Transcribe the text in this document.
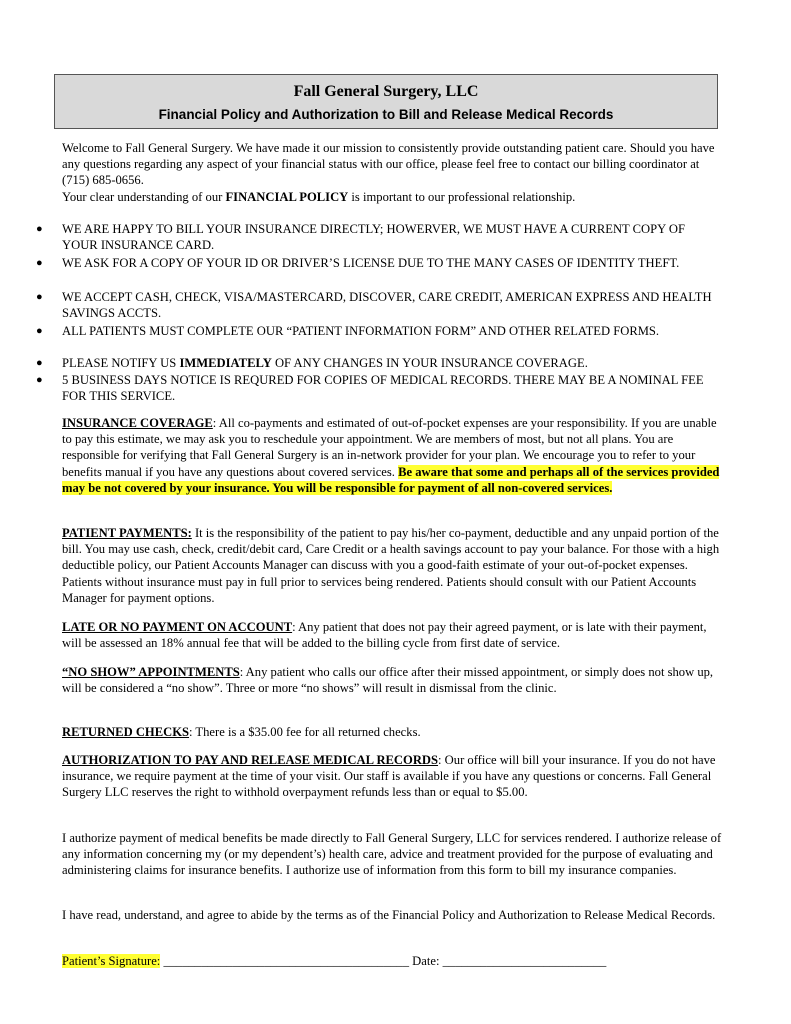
Fall General Surgery, LLC
Financial Policy and Authorization to Bill and Release Medical Records
Welcome to Fall General Surgery. We have made it our mission to consistently provide outstanding patient care. Should you have any questions regarding any aspect of your financial status with our office, please feel free to contact our billing coordinator at (715) 685-0656.
Your clear understanding of our FINANCIAL POLICY is important to our professional relationship.
● WE ARE HAPPY TO BILL YOUR INSURANCE DIRECTLY; HOWERVER, WE MUST HAVE A CURRENT COPY OF YOUR INSURANCE CARD.
● WE ASK FOR A COPY OF YOUR ID OR DRIVER’S LICENSE DUE TO THE MANY CASES OF IDENTITY THEFT.
● WE ACCEPT CASH, CHECK, VISA/MASTERCARD, DISCOVER, CARE CREDIT, AMERICAN EXPRESS AND HEALTH SAVINGS ACCTS.
● ALL PATIENTS MUST COMPLETE OUR “PATIENT INFORMATION FORM” AND OTHER RELATED FORMS.
● PLEASE NOTIFY US IMMEDIATELY OF ANY CHANGES IN YOUR INSURANCE COVERAGE.
● 5 BUSINESS DAYS NOTICE IS REQURED FOR COPIES OF MEDICAL RECORDS. THERE MAY BE A NOMINAL FEE FOR THIS SERVICE.
INSURANCE COVERAGE: All co-payments and estimated of out-of-pocket expenses are your responsibility. If you are unable to pay this estimate, we may ask you to reschedule your appointment. We are members of most, but not all plans. You are responsible for verifying that Fall General Surgery is an in-network provider for your plan. We encourage you to refer to your benefits manual if you have any questions about covered services. Be aware that some and perhaps all of the services provided may be not covered by your insurance. You will be responsible for payment of all non-covered services.
PATIENT PAYMENTS: It is the responsibility of the patient to pay his/her co-payment, deductible and any unpaid portion of the bill. You may use cash, check, credit/debit card, Care Credit or a health savings account to pay your balance. For those with a high deductible policy, our Patient Accounts Manager can discuss with you a good-faith estimate of your out-of-pocket expenses. Patients without insurance must pay in full prior to services being rendered. Patients should consult with our Patient Accounts Manager for payment options.
LATE OR NO PAYMENT ON ACCOUNT: Any patient that does not pay their agreed payment, or is late with their payment, will be assessed an 18% annual fee that will be added to the billing cycle from first date of service.
“NO SHOW” APPOINTMENTS: Any patient who calls our office after their missed appointment, or simply does not show up, will be considered a “no show”. Three or more “no shows” will result in dismissal from the clinic.
RETURNED CHECKS: There is a $35.00 fee for all returned checks.
AUTHORIZATION TO PAY AND RELEASE MEDICAL RECORDS: Our office will bill your insurance. If you do not have insurance, we require payment at the time of your visit. Our staff is available if you have any questions or concerns. Fall General Surgery LLC reserves the right to withhold overpayment refunds less than or equal to $5.00.
I authorize payment of medical benefits be made directly to Fall General Surgery, LLC for services rendered. I authorize release of any information concerning my (or my dependent’s) health care, advice and treatment provided for the purpose of evaluating and administering claims for insurance benefits. I authorize use of information from this form to bill my insurance companies.
I have read, understand, and agree to abide by the terms as of the Financial Policy and Authorization to Release Medical Records.
Patient’s Signature: _______________________________________ Date: __________________________
